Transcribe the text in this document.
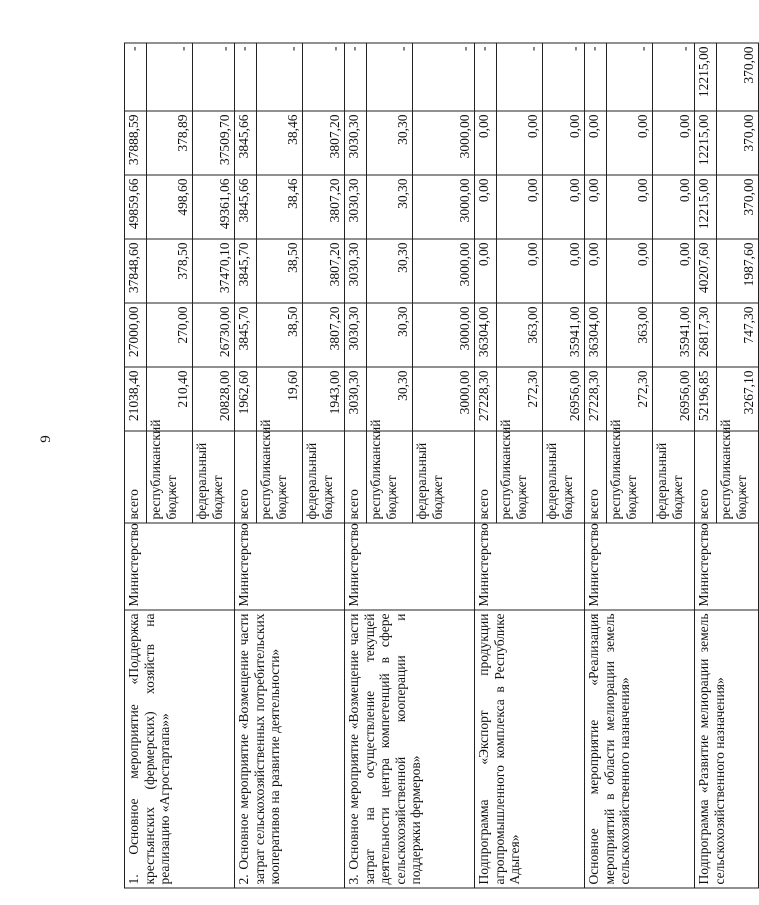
9
1. Основное мероприятие «Поддержка крестьянских (фермерских) хозяйств на реализацию «Агростартапа»»	Министерство	всего	21038,40	27000,00	37848,60	49859,66	37888,59	-
		республиканский бюджет	210,40	270,00	378,50	498,60	378,89	-
		федеральный бюджет	20828,00	26730,00	37470,10	49361,06	37509,70	-
2. Основное мероприятие «Возмещение части затрат сельскохозяйственных потребительских кооперативов на развитие деятельности»	Министерство	всего	1962,60	3845,70	3845,70	3845,66	3845,66	-
		республиканский бюджет	19,60	38,50	38,50	38,46	38,46	-
		федеральный бюджет	1943,00	3807,20	3807,20	3807,20	3807,20	-
3. Основное мероприятие «Возмещение части затрат на осуществление текущей деятельности центра компетенций в сфере сельскохозяйственной кооперации и поддержки фермеров»	Министерство	всего	3030,30	3030,30	3030,30	3030,30	3030,30	-
		республиканский бюджет	30,30	30,30	30,30	30,30	30,30	-
		федеральный бюджет	3000,00	3000,00	3000,00	3000,00	3000,00	-
Подпрограмма «Экспорт продукции агропромышленного комплекса в Республике Адыгея»	Министерство	всего	27228,30	36304,00	0,00	0,00	0,00	-
		республиканский бюджет	272,30	363,00	0,00	0,00	0,00	-
		федеральный бюджет	26956,00	35941,00	0,00	0,00	0,00	-
Основное мероприятие «Реализация мероприятий в области мелиорации земель сельскохозяйственного назначения»	Министерство	всего	27228,30	36304,00	0,00	0,00	0,00	-
		республиканский бюджет	272,30	363,00	0,00	0,00	0,00	-
		федеральный бюджет	26956,00	35941,00	0,00	0,00	0,00	-
Подпрограмма «Развитие мелиорации земель сельскохозяйственного назначения»	Министерство	всего	52196,85	26817,30	40207,60	12215,00	12215,00	12215,00
		республиканский бюджет	3267,10	747,30	1987,60	370,00	370,00	370,00
